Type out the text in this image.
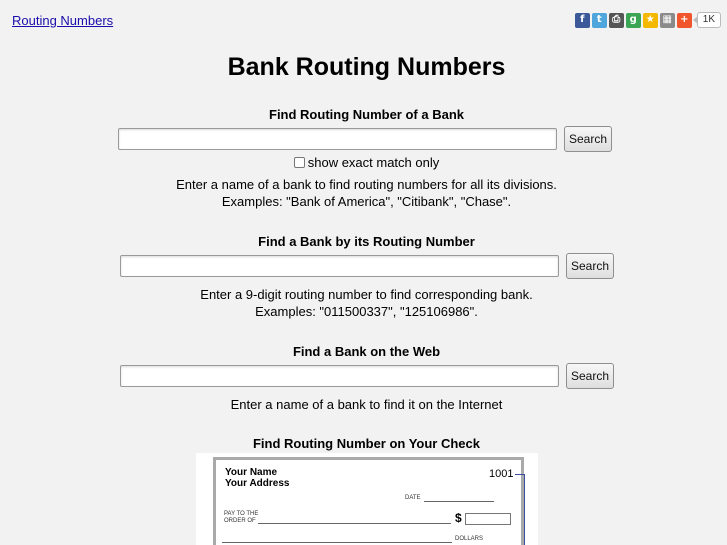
Routing Numbers	f	t	⎙ g ★ ▦ +	1K
Bank Routing Numbers
Find Routing Number of a Bank
Search
show exact match only

Enter a name of a bank to find routing numbers for all its divisions.

Examples: "Bank of America", "Citibank", "Chase".

Find a Bank by its Routing Number
Search

Enter a 9-digit routing number to find corresponding bank.

Examples: "011500337", "125106986".

Find a Bank on the Web
Search

Enter a name of a bank to find it on the Internet

Find Routing Number on Your Check
Your Name
Your Address
1001
DATE
PAY TO THE
ORDER OF	$
DOLLARS
